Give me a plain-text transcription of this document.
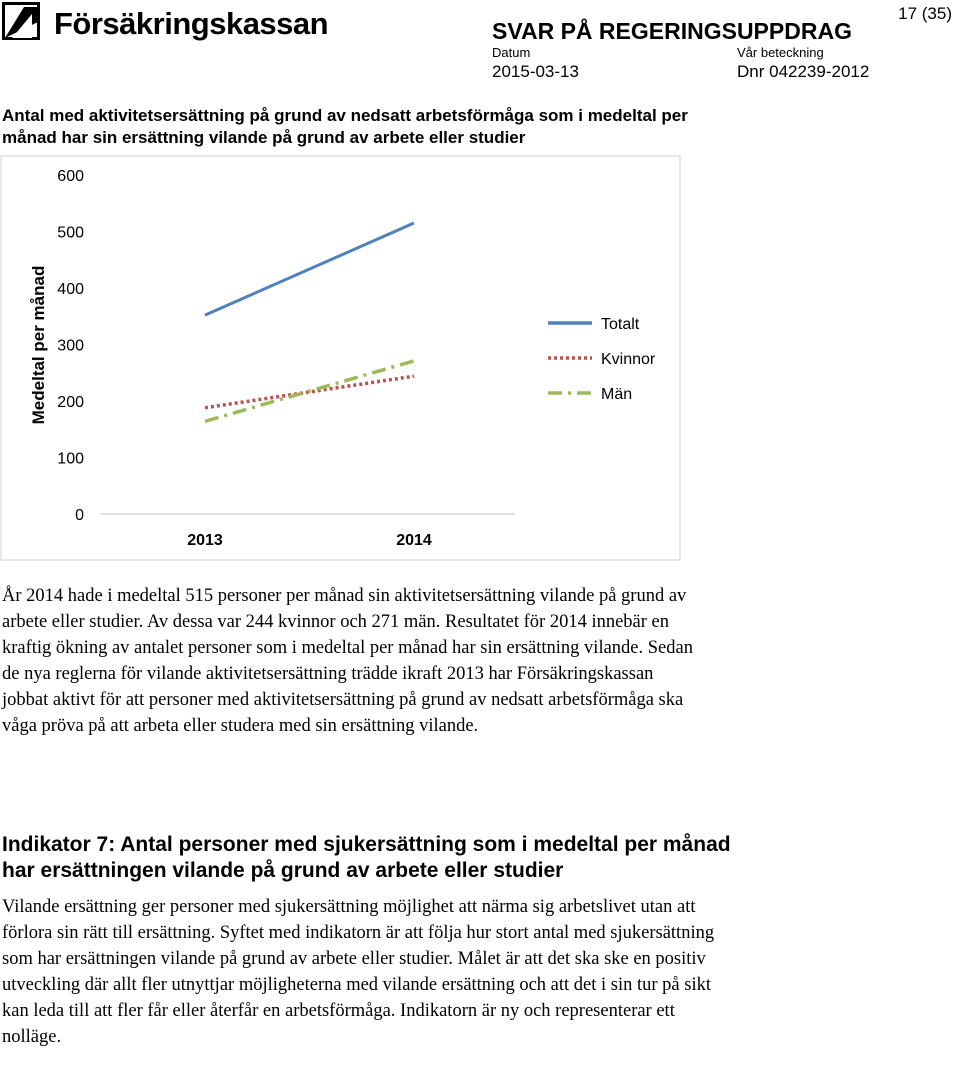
Försäkringskassan	17 (35)
SVAR PÅ REGERINGSUPPDRAG
Datum	Vår beteckning
2015-03-13	Dnr 042239-2012
Antal med aktivitetsersättning på grund av nedsatt arbetsförmåga som i medeltal per månad har sin ersättning vilande på grund av arbete eller studier
0
100
200
300
400
500
600
2013	2014
Medeltal per månad	Totalt
Kvinnor
Män
År 2014 hade i medeltal 515 personer per månad sin aktivitetsersättning vilande på grund av arbete eller studier. Av dessa var 244 kvinnor och 271 män. Resultatet för 2014 innebär en kraftig ökning av antalet personer som i medeltal per månad har sin ersättning vilande. Sedan de nya reglerna för vilande aktivitetsersättning trädde ikraft 2013 har Försäkringskassan jobbat aktivt för att personer med aktivitetsersättning på grund av nedsatt arbetsförmåga ska våga pröva på att arbeta eller studera med sin ersättning vilande.
Indikator 7: Antal personer med sjukersättning som i medeltal per månad har ersättningen vilande på grund av arbete eller studier
Vilande ersättning ger personer med sjukersättning möjlighet att närma sig arbetslivet utan att förlora sin rätt till ersättning. Syftet med indikatorn är att följa hur stort antal med sjukersättning som har ersättningen vilande på grund av arbete eller studier. Målet är att det ska ske en positiv utveckling där allt fler utnyttjar möjligheterna med vilande ersättning och att det i sin tur på sikt kan leda till att fler får eller återfår en arbetsförmåga. Indikatorn är ny och representerar ett nolläge.
